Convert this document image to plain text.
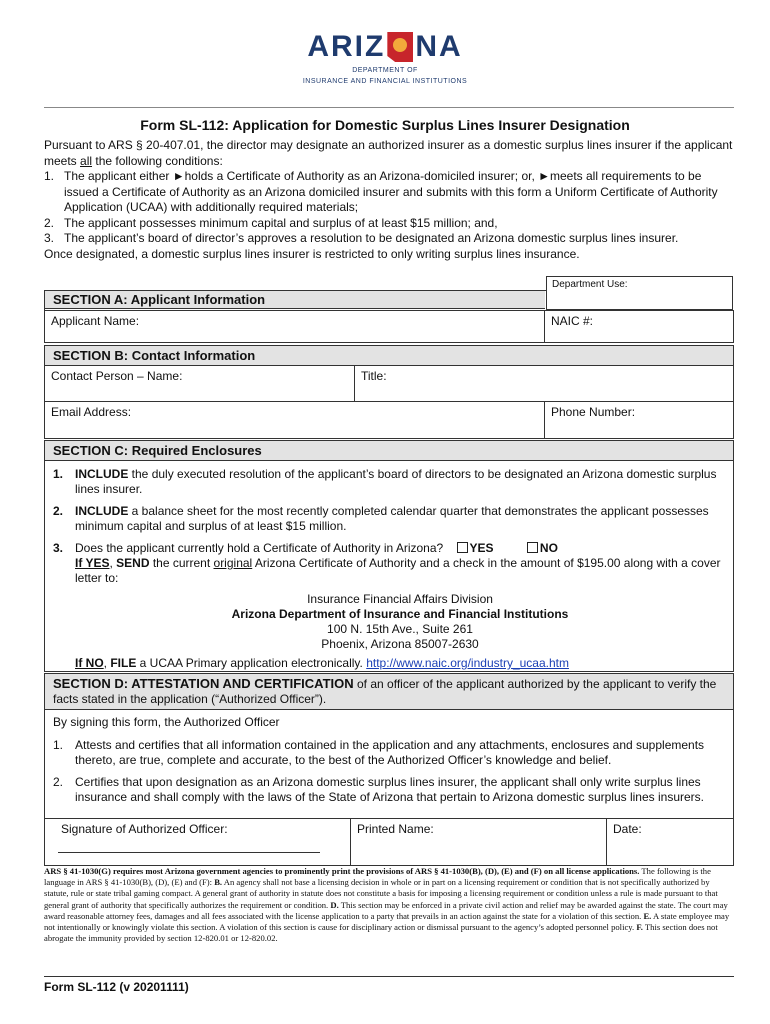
ARIZ NA
DEPARTMENT OF
INSURANCE AND FINANCIAL INSTITUTIONS
Form SL-112: Application for Domestic Surplus Lines Insurer Designation
Pursuant to ARS § 20-407.01, the director may designate an authorized insurer as a domestic surplus lines insurer if the applicant meets all the following conditions:
1. The applicant either ►holds a Certificate of Authority as an Arizona-domiciled insurer; or, ►meets all requirements to be issued a Certificate of Authority as an Arizona domiciled insurer and submits with this form a Uniform Certificate of Authority Application (UCAA) with additionally required materials;
2. The applicant possesses minimum capital and surplus of at least $15 million; and,
3. The applicant’s board of director’s approves a resolution to be designated an Arizona domestic surplus lines insurer.
Once designated, a domestic surplus lines insurer is restricted to only writing surplus lines insurance.
Department Use:
Applicant Name:	NAIC #:
SECTION A: Applicant Information
SECTION B: Contact Information
Contact Person – Name:	Title:
Email Address:	Phone Number:
SECTION C: Required Enclosures
1. INCLUDE the duly executed resolution of the applicant’s board of directors to be designated an Arizona domestic surplus lines insurer.
2. INCLUDE a balance sheet for the most recently completed calendar quarter that demonstrates the applicant possesses minimum capital and surplus of at least $15 million.
3. Does the applicant currently hold a Certificate of Authority in Arizona? YES	NO
If YES, SEND the current original Arizona Certificate of Authority and a check in the amount of $195.00 along with a cover letter to:
Insurance Financial Affairs Division
Arizona Department of Insurance and Financial Institutions
100 N. 15th Ave., Suite 261
Phoenix, Arizona 85007-2630
If NO, FILE a UCAA Primary application electronically. http://www.naic.org/industry_ucaa.htm
SECTION D: ATTESTATION AND CERTIFICATION of an officer of the applicant authorized by the applicant to verify the facts stated in the application (“Authorized Officer”).
By signing this form, the Authorized Officer
1. Attests and certifies that all information contained in the application and any attachments, enclosures and supplements thereto, are true, complete and accurate, to the best of the Authorized Officer’s knowledge and belief.
2. Certifies that upon designation as an Arizona domestic surplus lines insurer, the applicant shall only write surplus lines insurance and shall comply with the laws of the State of Arizona that pertain to Arizona domestic surplus lines insurers.
Signature of Authorized Officer:	Printed Name:	Date:
ARS § 41-1030(G) requires most Arizona government agencies to prominently print the provisions of ARS § 41-1030(B), (D), (E) and (F) on all license applications. The following is the language in ARS § 41-1030(B), (D), (E) and (F): B. An agency shall not base a licensing decision in whole or in part on a licensing requirement or condition that is not specifically authorized by statute, rule or state tribal gaming compact. A general grant of authority in statute does not constitute a basis for imposing a licensing requirement or condition unless a rule is made pursuant to that general grant of authority that specifically authorizes the requirement or condition. D. This section may be enforced in a private civil action and relief may be awarded against the state. The court may award reasonable attorney fees, damages and all fees associated with the license application to a party that prevails in an action against the state for a violation of this section. E. A state employee may not intentionally or knowingly violate this section. A violation of this section is cause for disciplinary action or dismissal pursuant to the agency’s adopted personnel policy. F. This section does not abrogate the immunity provided by section 12-820.01 or 12-820.02.
Form SL-112 (v 20201111)
